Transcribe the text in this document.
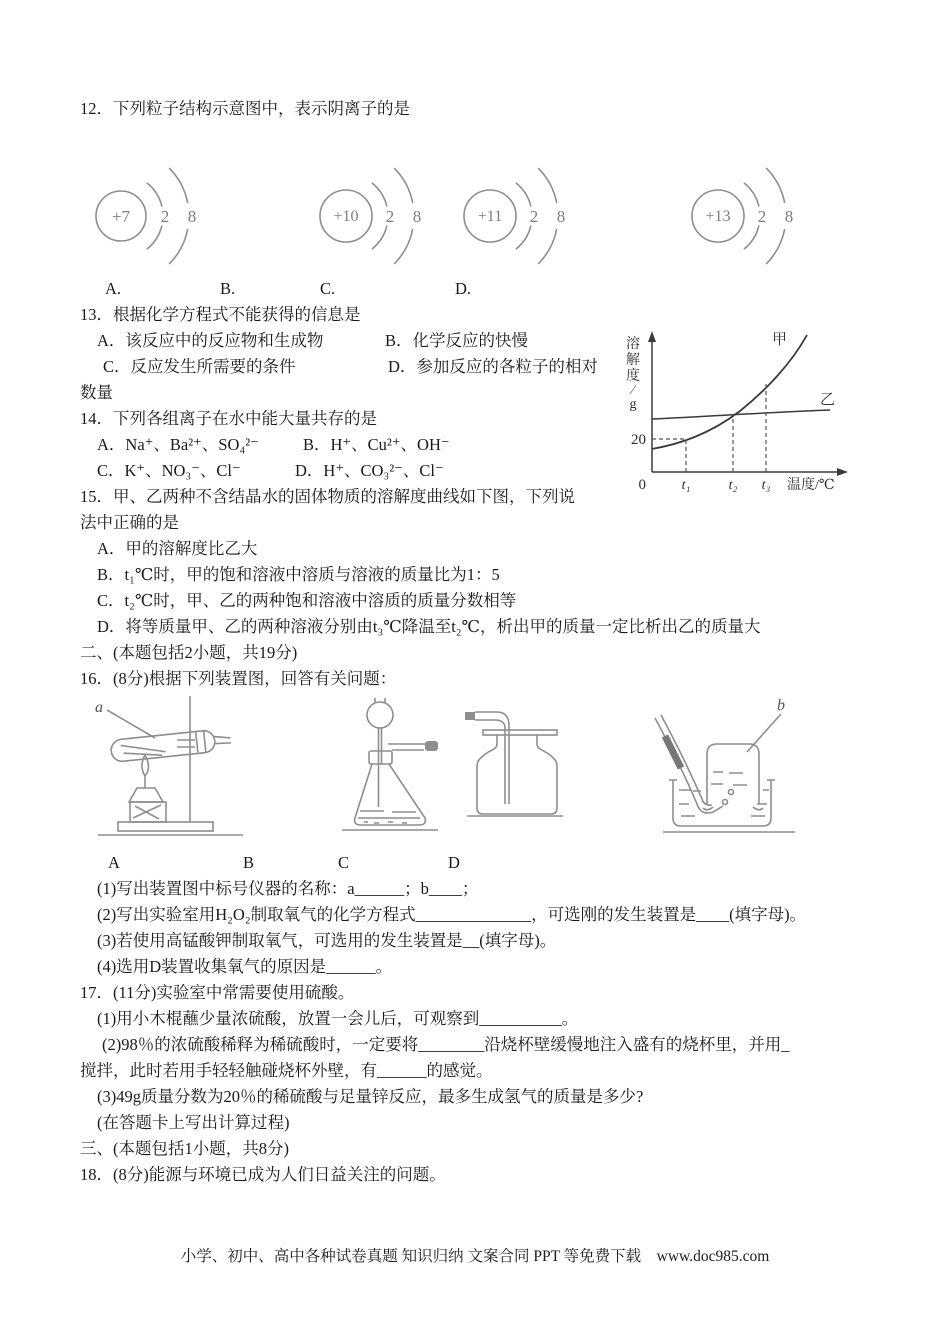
12．下列粒子结构示意图中，表示阴离子的是

+7 2 8	+10 2 8	+11 2 8	+13 2 8
A.	B.	C.	D.
溶
解
度
∕
g
20
0	t₁	t₂ t₃ 温度/℃
甲
乙

13．根据化学方程式不能获得的信息是

A．该反应中的反应物和生成物	B．化学反应的快慢

C．反应发生所需要的条件	D．参加反应的各粒子的相对

数量

14．下列各组离子在水中能大量共存的是

A．Na⁺、Ba²⁺、SO₄²⁻	B．H⁺、Cu²⁺、OH⁻

C．K⁺、NO₃⁻、Cl⁻	D．H⁺、CO₃²⁻、Cl⁻

15．甲、乙两种不含结晶水的固体物质的溶解度曲线如下图，下列说

法中正确的是

A．甲的溶解度比乙大

B．t₁℃时，甲的饱和溶液中溶质与溶液的质量比为1：5

C．t₂℃时，甲、乙的两种饱和溶液中溶质的质量分数相等

D．将等质量甲、乙的两种溶液分别由t₃℃降温至t₂℃，析出甲的质量一定比析出乙的质量大

二、(本题包括2小题，共19分)

16．(8分)根据下列装置图，回答有关问题：

a	b
A	B	C	D

(1)写出装置图中标号仪器的名称：a______；b____；

(2)写出实验室用H₂O₂制取氧气的化学方程式______________，可选刚的发生装置是____(填字母)。

(3)若使用高锰酸钾制取氧气，可选用的发生装置是__(填字母)。

(4)选用D装置收集氧气的原因是______。

17．(11分)实验室中常需要使用硫酸。

(1)用小木棍蘸少量浓硫酸，放置一会儿后，可观察到__________。

(2)98％的浓硫酸稀释为稀硫酸时，一定要将________沿烧杯壁缓慢地注入盛有的烧杯里，并用_

搅拌，此时若用手轻轻触碰烧杯外壁，有______的感觉。

(3)49g质量分数为20％的稀硫酸与足量锌反应，最多生成氢气的质量是多少?

(在答题卡上写出计算过程)

三、(本题包括1小题，共8分)

18．(8分)能源与环境已成为人们日益关注的问题。

小学、初中、高中各种试卷真题 知识归纳 文案合同 PPT 等免费下载　www.doc985.com
